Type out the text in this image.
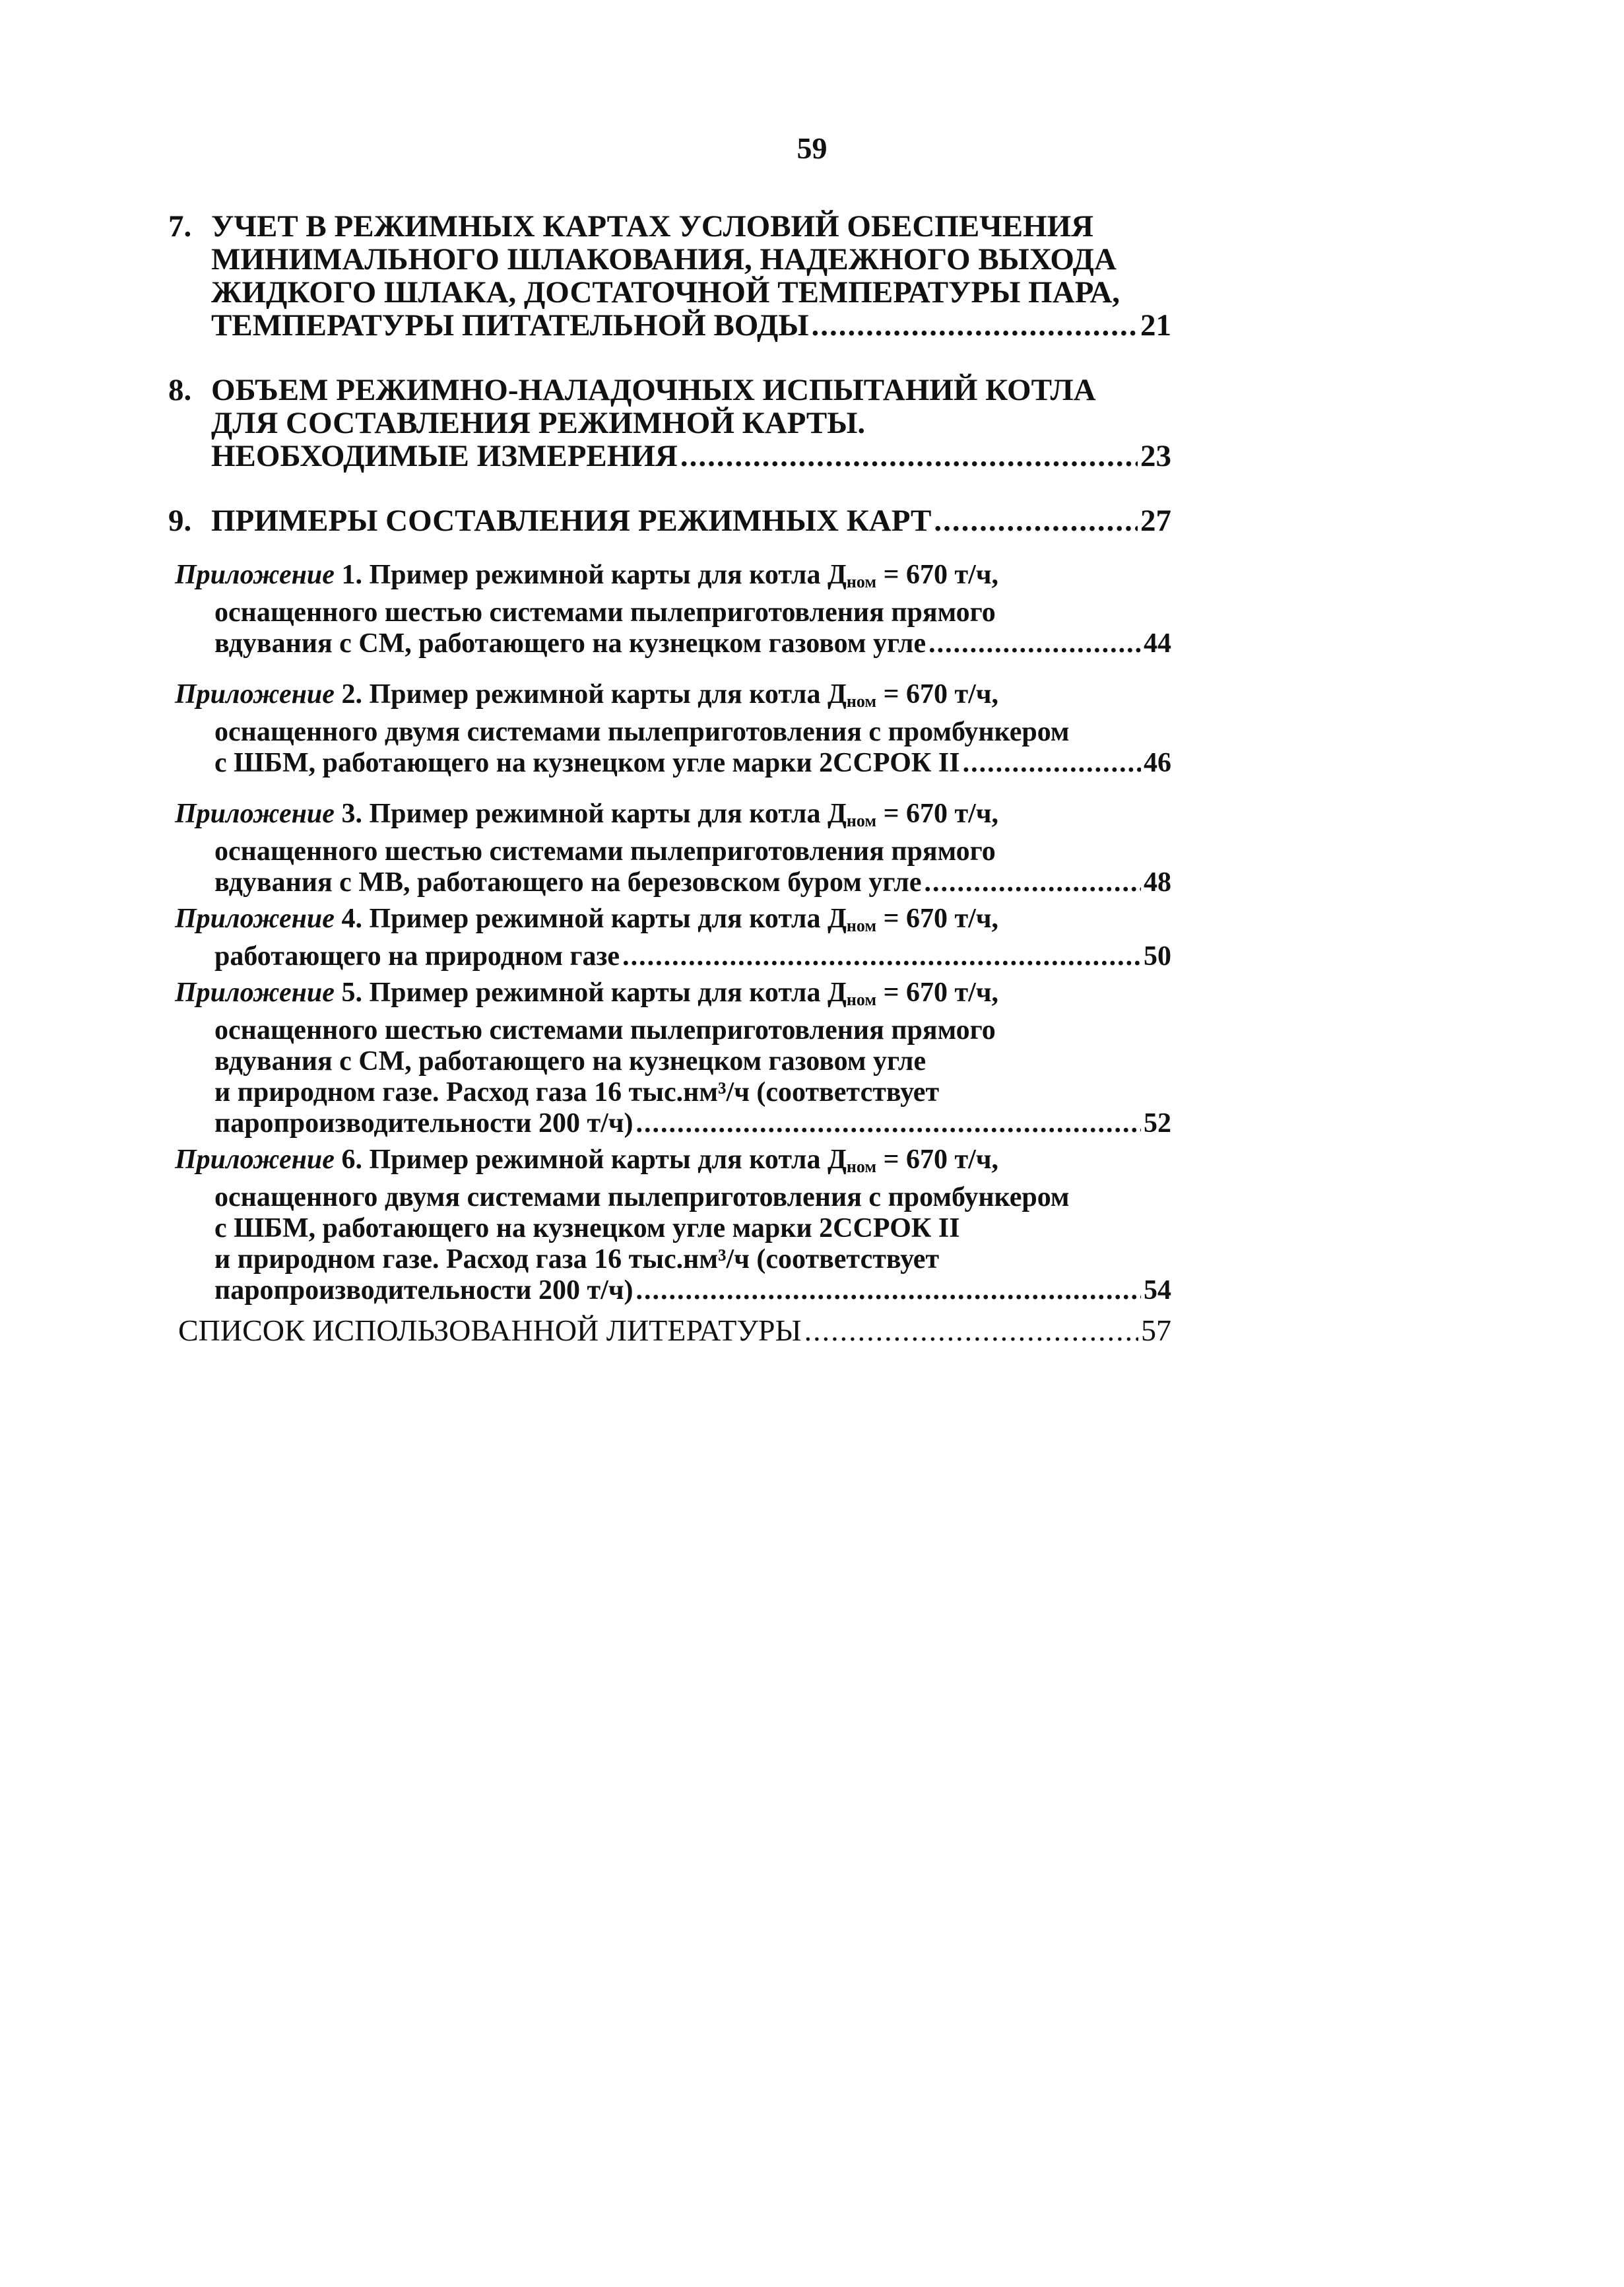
59
7. УЧЕТ В РЕЖИМНЫХ КАРТАХ УСЛОВИЙ ОБЕСПЕЧЕНИЯ
МИНИМАЛЬНОГО ШЛАКОВАНИЯ, НАДЕЖНОГО ВЫХОДА
ЖИДКОГО ШЛАКА, ДОСТАТОЧНОЙ ТЕМПЕРАТУРЫ ПАРА,
ТЕМПЕРАТУРЫ ПИТАТЕЛЬНОЙ ВОДЫ .....	21
8. ОБЪЕМ РЕЖИМНО-НАЛАДОЧНЫХ ИСПЫТАНИЙ КОТЛА
ДЛЯ СОСТАВЛЕНИЯ РЕЖИМНОЙ КАРТЫ.
НЕОБХОДИМЫЕ ИЗМЕРЕНИЯ .....	23
9. ПРИМЕРЫ СОСТАВЛЕНИЯ РЕЖИМНЫХ КАРТ .....	27
Приложение 1. Пример режимной карты для котла $Д_{ном} = 670$ т/ч,
оснащенного шестью системами пылеприготовления прямого
вдувания с СМ, работающего на кузнецком газовом угле .....	44
Приложение 2. Пример режимной карты для котла $Д_{ном} = 670$ т/ч,
оснащенного двумя системами пылеприготовления с промбункером
с ШБМ, работающего на кузнецком угле марки 2ССРОК II .....	46
Приложение 3. Пример режимной карты для котла $Д_{ном} = 670$ т/ч,
оснащенного шестью системами пылеприготовления прямого
вдувания с МВ, работающего на березовском буром угле .....	48
Приложение 4. Пример режимной карты для котла $Д_{ном} = 670$ т/ч,
работающего на природном газе .....	50
Приложение 5. Пример режимной карты для котла $Д_{ном} = 670$ т/ч,
оснащенного шестью системами пылеприготовления прямого
вдувания с СМ, работающего на кузнецком газовом угле
и природном газе. Расход газа 16 тыс.нм³/ч (соответствует
паропроизводительности 200 т/ч) .....	52
Приложение 6. Пример режимной карты для котла $Д_{ном} = 670$ т/ч,
оснащенного двумя системами пылеприготовления с промбункером
с ШБМ, работающего на кузнецком угле марки 2ССРОК II
и природном газе. Расход газа 16 тыс.нм³/ч (соответствует
паропроизводительности 200 т/ч) .....	54
СПИСОК ИСПОЛЬЗОВАННОЙ ЛИТЕРАТУРЫ .....	57
